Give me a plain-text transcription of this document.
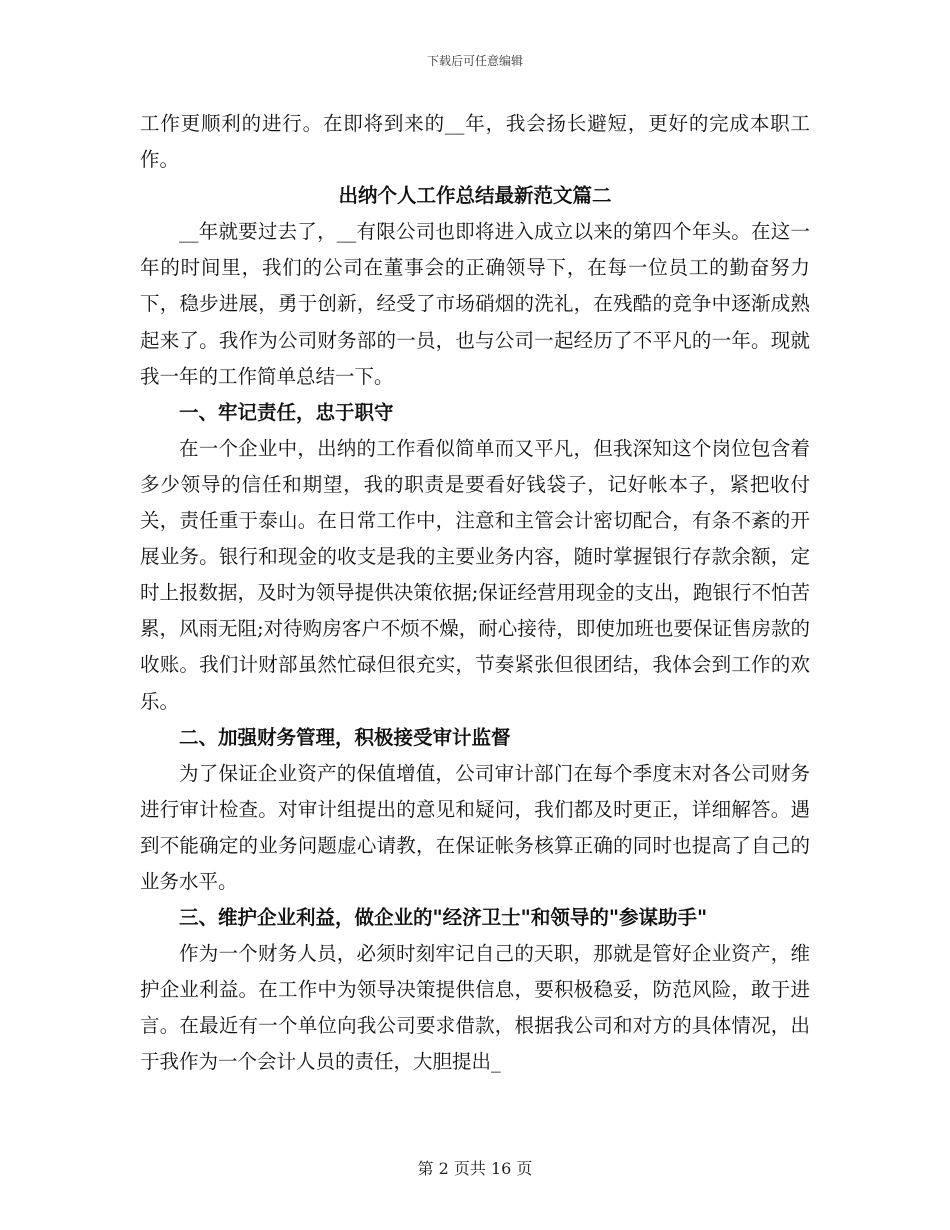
下载后可任意编辑

工作更顺利的进行。在即将到来的__年，我会扬长避短，更好的完成本职工作。

出纳个人工作总结最新范文篇二

__年就要过去了，__有限公司也即将进入成立以来的第四个年头。在这一年的时间里，我们的公司在董事会的正确领导下，在每一位员工的勤奋努力下，稳步进展，勇于创新，经受了市场硝烟的洗礼，在残酷的竞争中逐渐成熟起来了。我作为公司财务部的一员，也与公司一起经历了不平凡的一年。现就我一年的工作简单总结一下。

一、牢记责任，忠于职守

在一个企业中，出纳的工作看似简单而又平凡，但我深知这个岗位包含着多少领导的信任和期望，我的职责是要看好钱袋子，记好帐本子，紧把收付关，责任重于泰山。在日常工作中，注意和主管会计密切配合，有条不紊的开展业务。银行和现金的收支是我的主要业务内容，随时掌握银行存款余额，定时上报数据，及时为领导提供决策依据;保证经营用现金的支出，跑银行不怕苦累，风雨无阻;对待购房客户不烦不燥，耐心接待，即使加班也要保证售房款的收账。我们计财部虽然忙碌但很充实，节奏紧张但很团结，我体会到工作的欢乐。

二、加强财务管理，积极接受审计监督

为了保证企业资产的保值增值，公司审计部门在每个季度末对各公司财务进行审计检查。对审计组提出的意见和疑问，我们都及时更正，详细解答。遇到不能确定的业务问题虚心请教，在保证帐务核算正确的同时也提高了自己的业务水平。

三、维护企业利益，做企业的"经济卫士"和领导的"参谋助手"

作为一个财务人员，必须时刻牢记自己的天职，那就是管好企业资产，维护企业利益。在工作中为领导决策提供信息，要积极稳妥，防范风险，敢于进言。在最近有一个单位向我公司要求借款，根据我公司和对方的具体情况，出于我作为一个会计人员的责任，大胆提出_

第 2 页共 16 页
